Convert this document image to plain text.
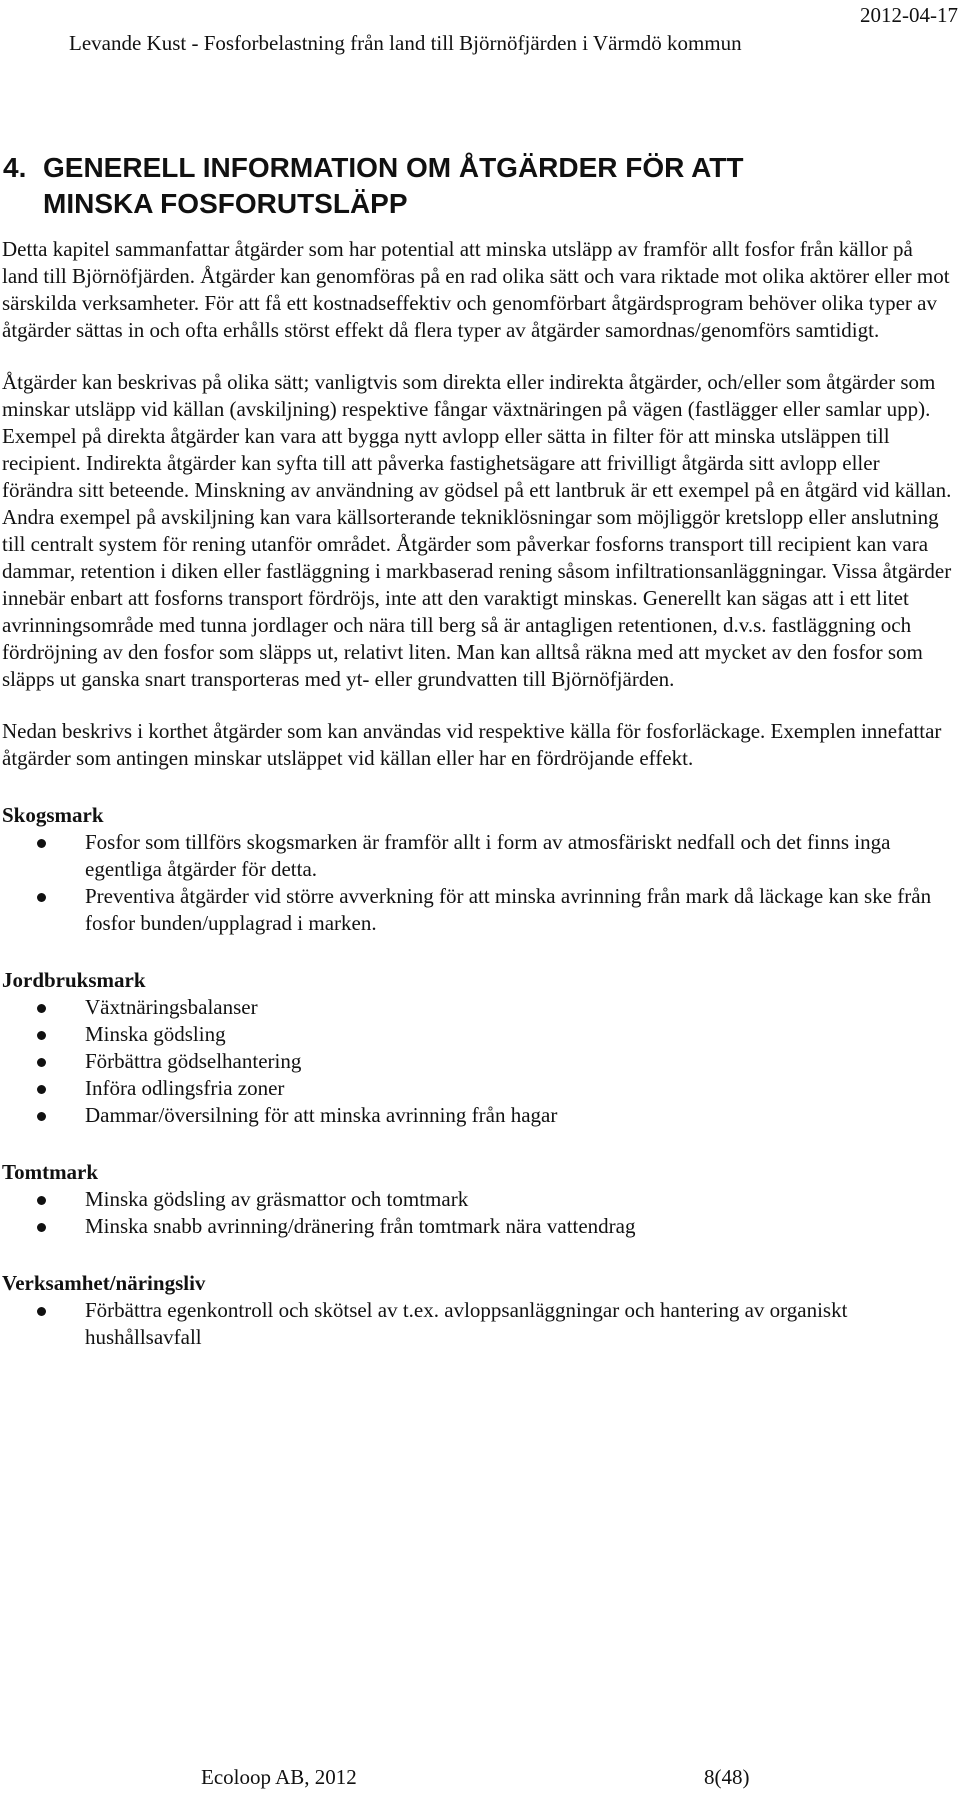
2012-04-17
Levande Kust - Fosforbelastning från land till Björnöfjärden i Värmdö kommun
4. GENERELL INFORMATION OM ÅTGÄRDER FÖR ATT MINSKA FOSFORUTSLÄPP

Detta kapitel sammanfattar åtgärder som har potential att minska utsläpp av framför allt fosfor från källor på land till Björnöfjärden. Åtgärder kan genomföras på en rad olika sätt och vara riktade mot olika aktörer eller mot särskilda verksamheter. För att få ett kostnadseffektiv och genomförbart åtgärdsprogram behöver olika typer av åtgärder sättas in och ofta erhålls störst effekt då flera typer av åtgärder samordnas/genomförs samtidigt.

Åtgärder kan beskrivas på olika sätt; vanligtvis som direkta eller indirekta åtgärder, och/eller som åtgärder som minskar utsläpp vid källan (avskiljning) respektive fångar växtnäringen på vägen (fastlägger eller samlar upp). Exempel på direkta åtgärder kan vara att bygga nytt avlopp eller sätta in filter för att minska utsläppen till recipient. Indirekta åtgärder kan syfta till att påverka fastighetsägare att frivilligt åtgärda sitt avlopp eller förändra sitt beteende. Minskning av användning av gödsel på ett lantbruk är ett exempel på en åtgärd vid källan. Andra exempel på avskiljning kan vara källsorterande tekniklösningar som möjliggör kretslopp eller anslutning till centralt system för rening utanför området. Åtgärder som påverkar fosforns transport till recipient kan vara dammar, retention i diken eller fastläggning i markbaserad rening såsom infiltrationsanläggningar. Vissa åtgärder innebär enbart att fosforns transport fördröjs, inte att den varaktigt minskas. Generellt kan sägas att i ett litet avrinningsområde med tunna jordlager och nära till berg så är antagligen retentionen, d.v.s. fastläggning och fördröjning av den fosfor som släpps ut, relativt liten. Man kan alltså räkna med att mycket av den fosfor som släpps ut ganska snart transporteras med yt- eller grundvatten till Björnöfjärden.

Nedan beskrivs i korthet åtgärder som kan användas vid respektive källa för fosforläckage. Exemplen innefattar åtgärder som antingen minskar utsläppet vid källan eller har en fördröjande effekt.

Skogsmark

Fosfor som tillförs skogsmarken är framför allt i form av atmosfäriskt nedfall och det finns inga egentliga åtgärder för detta.
Preventiva åtgärder vid större avverkning för att minska avrinning från mark då läckage kan ske från fosfor bunden/upplagrad i marken.

Jordbruksmark

Växtnäringsbalanser
Minska gödsling
Förbättra gödselhantering
Införa odlingsfria zoner
Dammar/översilning för att minska avrinning från hagar

Tomtmark

Minska gödsling av gräsmattor och tomtmark
Minska snabb avrinning/dränering från tomtmark nära vattendrag

Verksamhet/näringsliv

Förbättra egenkontroll och skötsel av t.ex. avloppsanläggningar och hantering av organiskt hushållsavfall
Ecoloop AB, 2012	8(48)
